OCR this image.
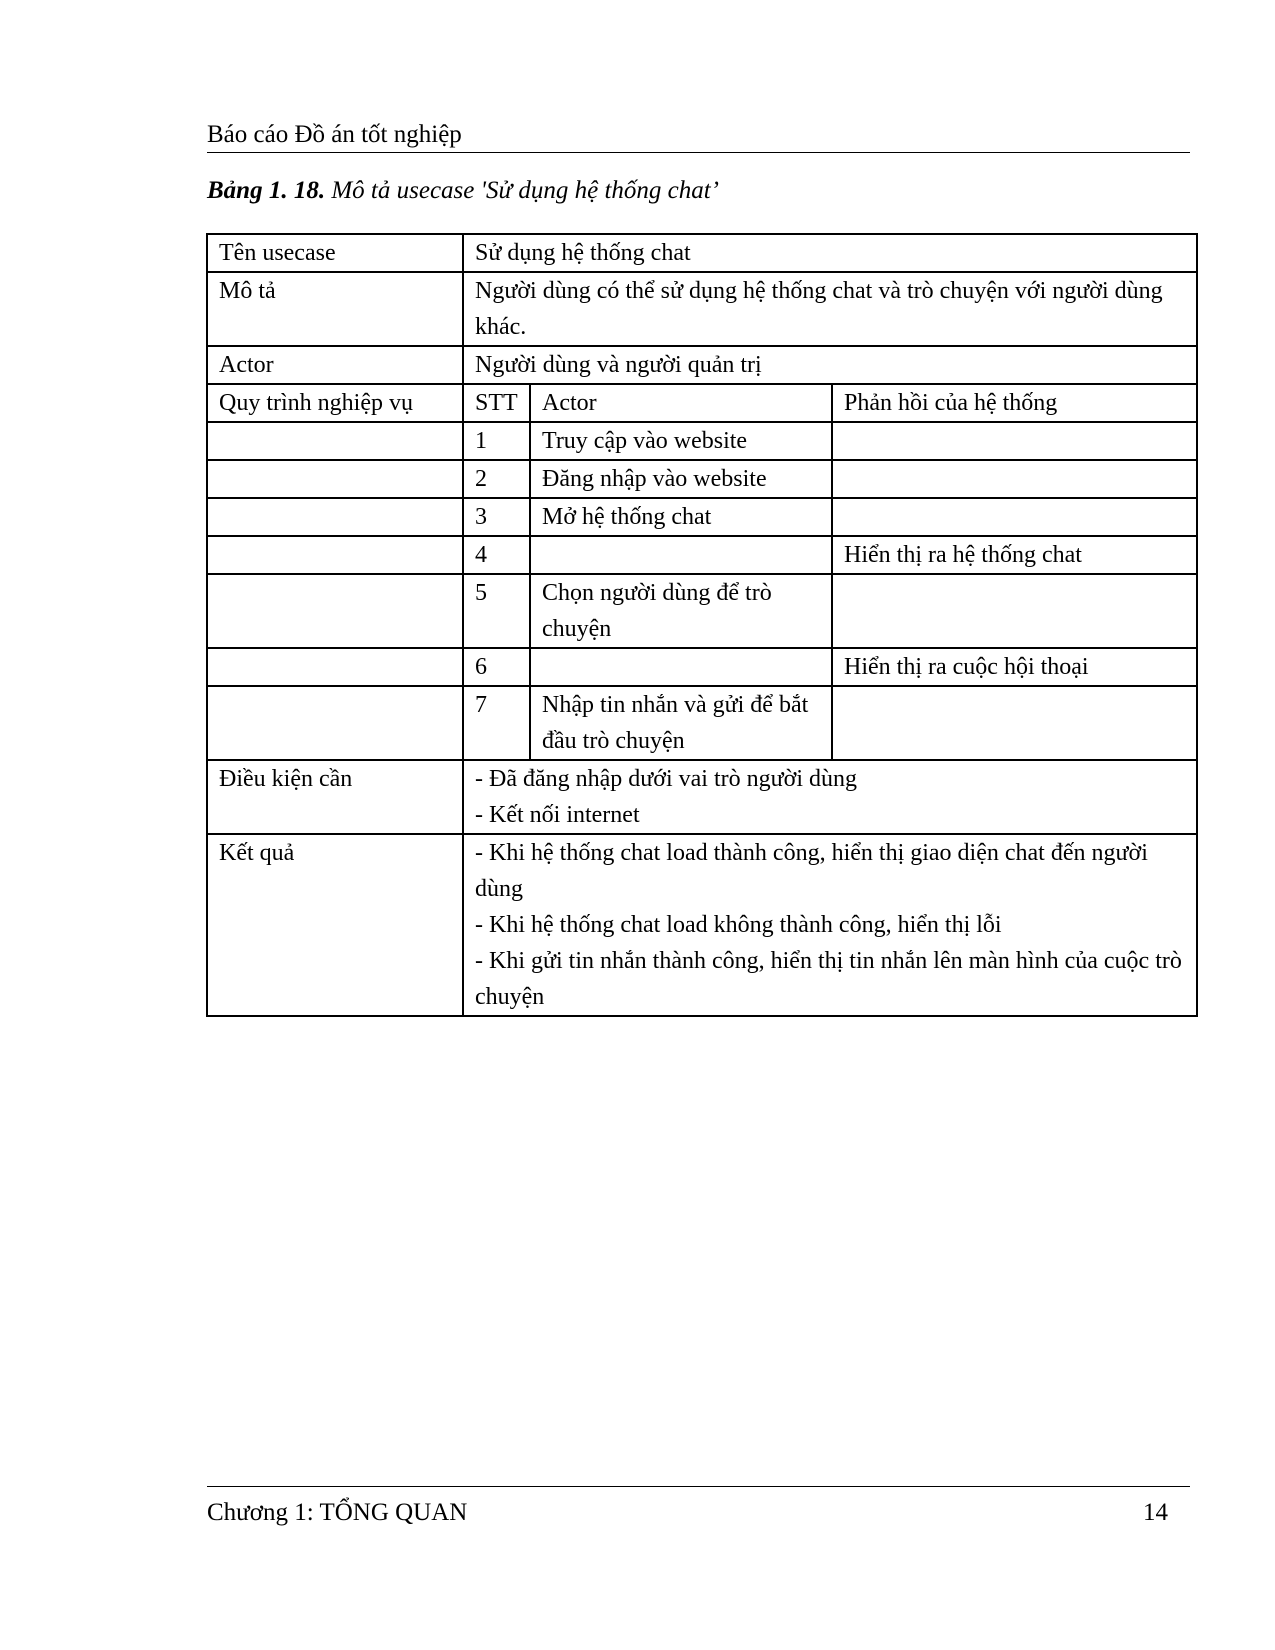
Báo cáo Đồ án tốt nghiệp
Bảng 1. 18. Mô tả usecase 'Sử dụng hệ thống chat’
Tên usecase	Sử dụng hệ thống chat		
Mô tả	Người dùng có thể sử dụng hệ thống chat và trò chuyện với người dùng khác.		
Actor	Người dùng và người quản trị		
Quy trình nghiệp vụ	STT	Actor	Phản hồi của hệ thống
	1	Truy cập vào website	
	2	Đăng nhập vào website	
	3	Mở hệ thống chat	
	4		Hiển thị ra hệ thống chat
	5	Chọn người dùng để trò chuyện	
	6		Hiển thị ra cuộc hội thoại
	7	Nhập tin nhắn và gửi để bắt đầu trò chuyện	
Điều kiện cần	- Đã đăng nhập dưới vai trò người dùng
- Kết nối internet		

Kết quả	- Khi hệ thống chat load thành công, hiển thị giao diện chat đến người dùng
- Khi hệ thống chat load không thành công, hiển thị lỗi
- Khi gửi tin nhắn thành công, hiển thị tin nhắn lên màn hình của cuộc trò chuyện		
Chương 1: TỔNG QUAN	14
